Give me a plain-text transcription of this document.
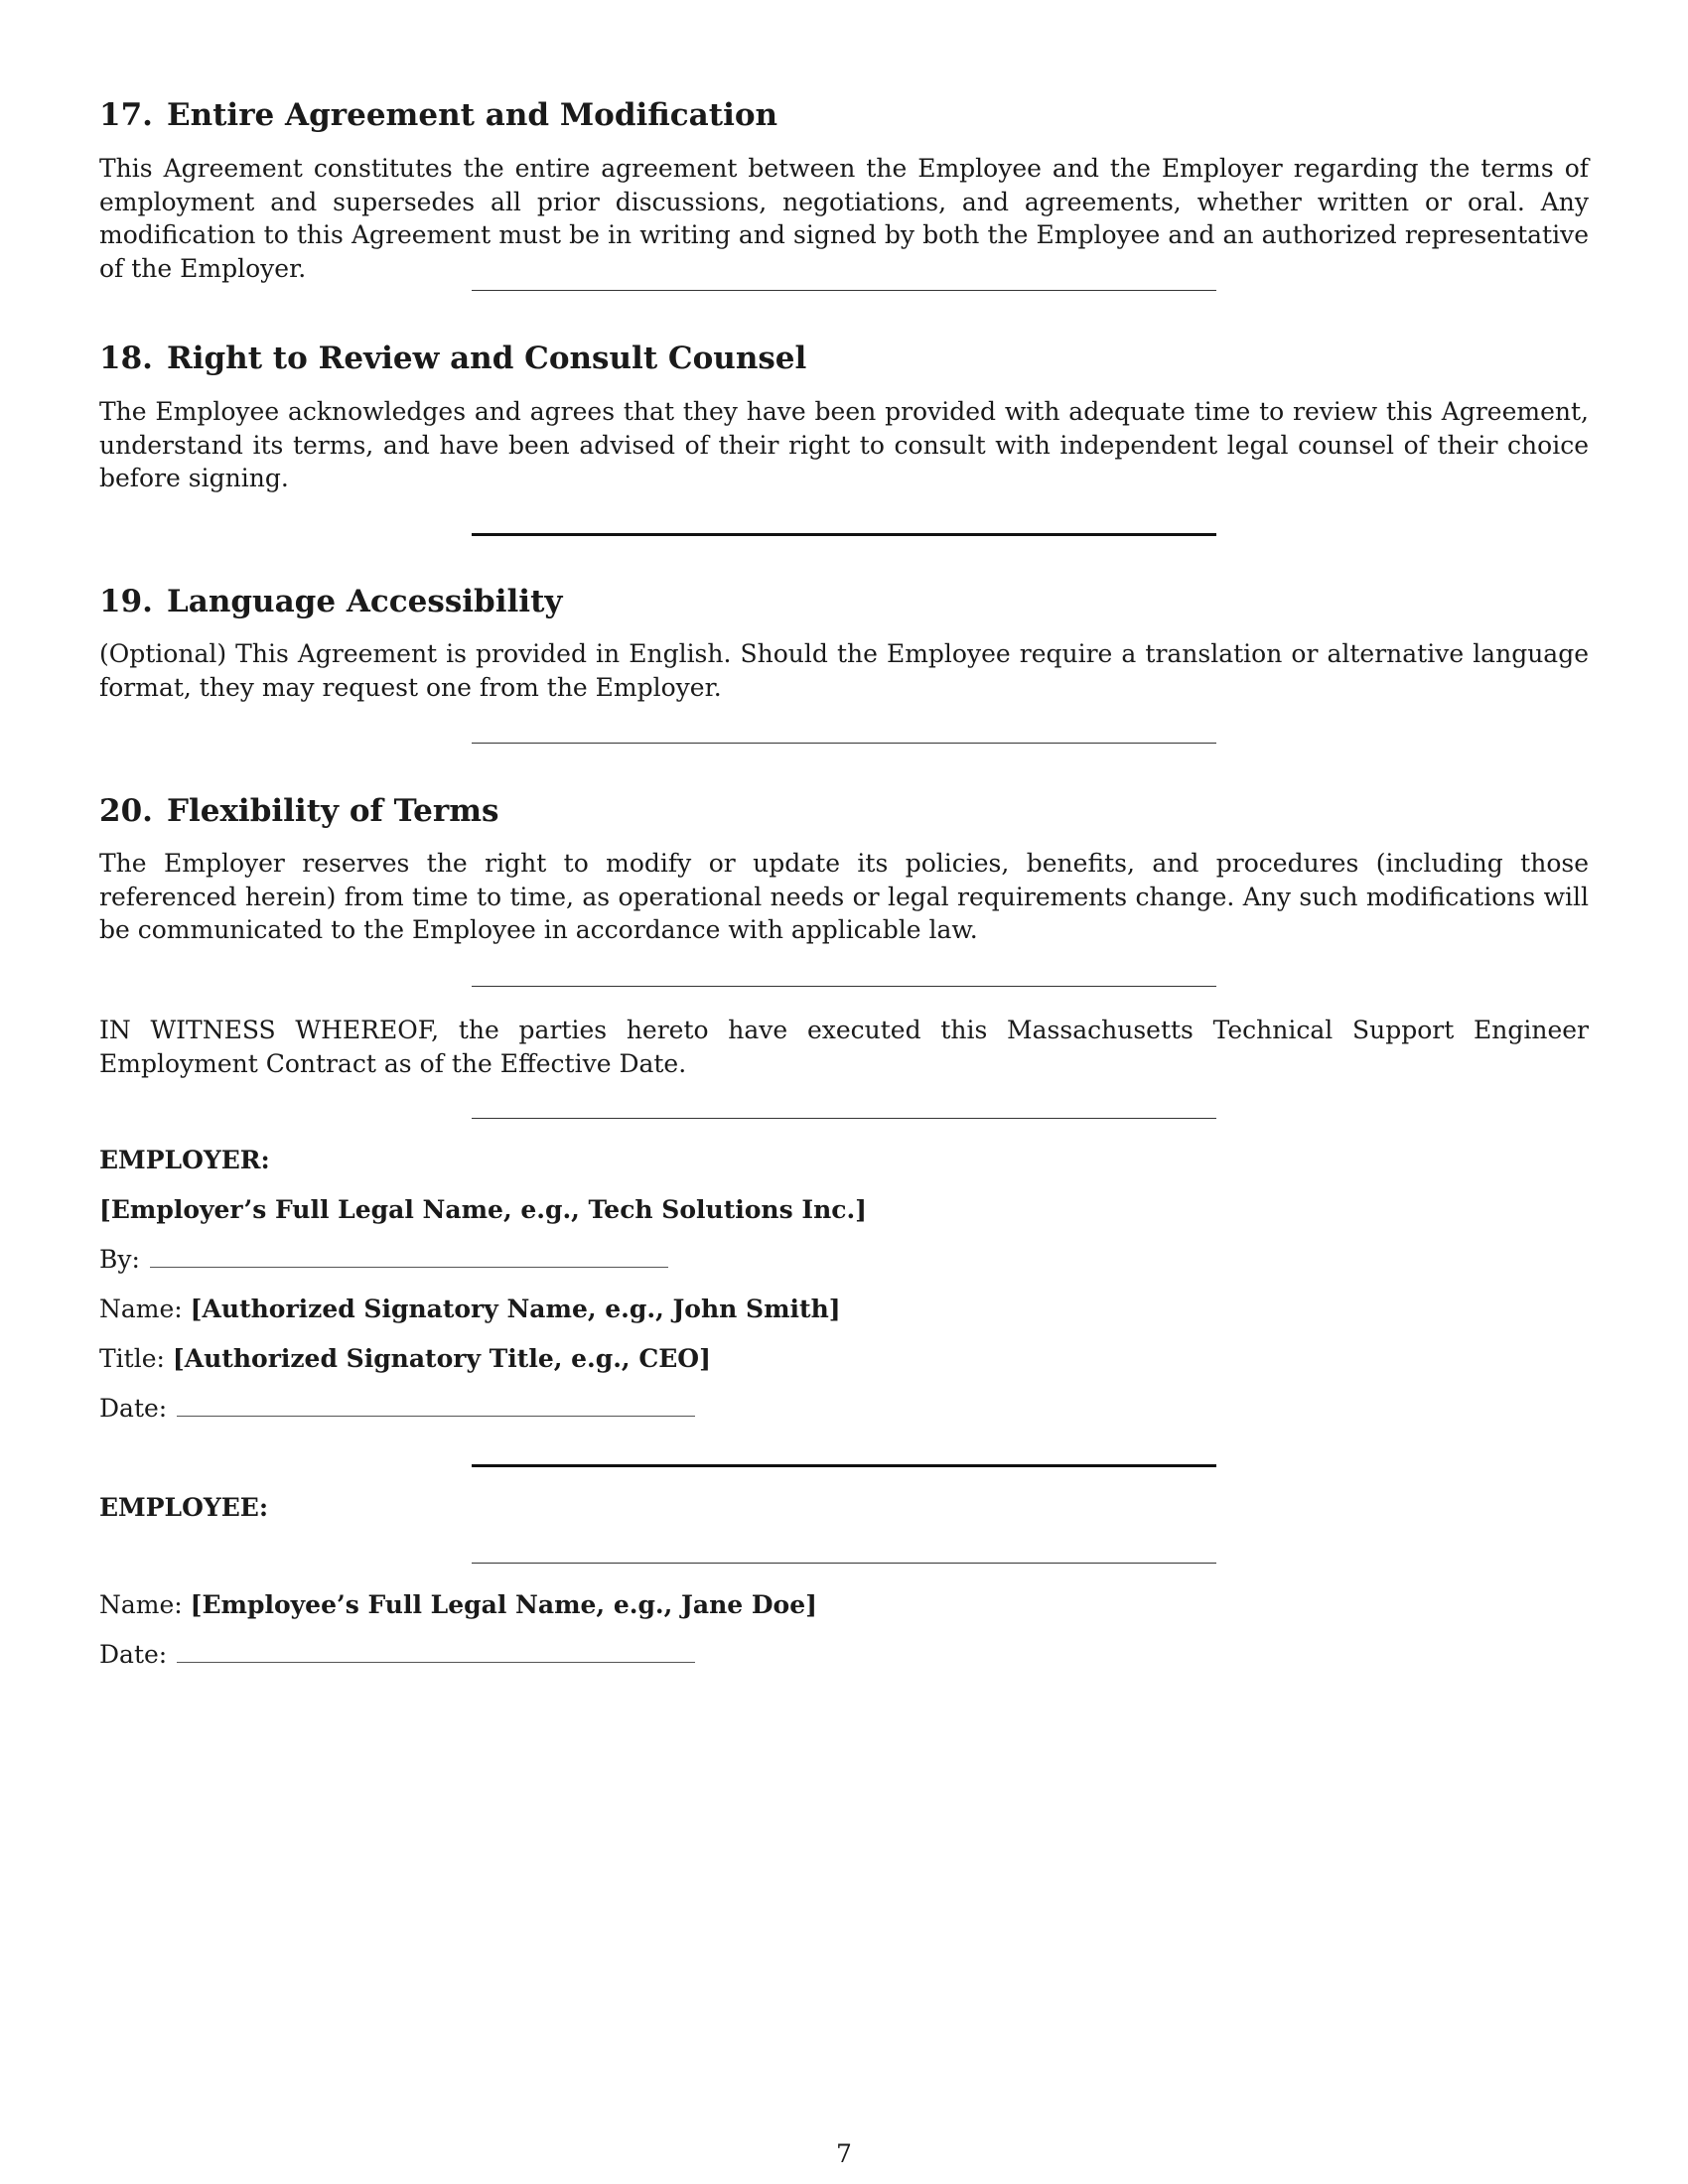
17. Entire Agreement and Modification

This Agreement constitutes the entire agreement between the Employee and the Employer regarding the terms of employment and supersedes all prior discussions, negotiations, and agreements, whether written or oral. Any modification to this Agreement must be in writing and signed by both the Employee and an authorized representative of the Employer.

18. Right to Review and Consult Counsel

The Employee acknowledges and agrees that they have been provided with adequate time to review this Agreement, understand its terms, and have been advised of their right to consult with independent legal counsel of their choice before signing.

19. Language Accessibility

(Optional) This Agreement is provided in English. Should the Employee require a translation or alternative language format, they may request one from the Employer.

20. Flexibility of Terms

The Employer reserves the right to modify or update its policies, benefits, and procedures (including those referenced herein) from time to time, as operational needs or legal requirements change. Any such modifications will be communicated to the Employee in accordance with applicable law.

IN WITNESS WHEREOF, the parties hereto have executed this Massachusetts Technical Support Engineer Employment Contract as of the Effective Date.

EMPLOYER:
[Employer’s Full Legal Name, e.g., Tech Solutions Inc.]
By:
Name: [Authorized Signatory Name, e.g., John Smith]
Title: [Authorized Signatory Title, e.g., CEO]
Date:
EMPLOYEE:
Name: [Employee’s Full Legal Name, e.g., Jane Doe]
Date:
7
